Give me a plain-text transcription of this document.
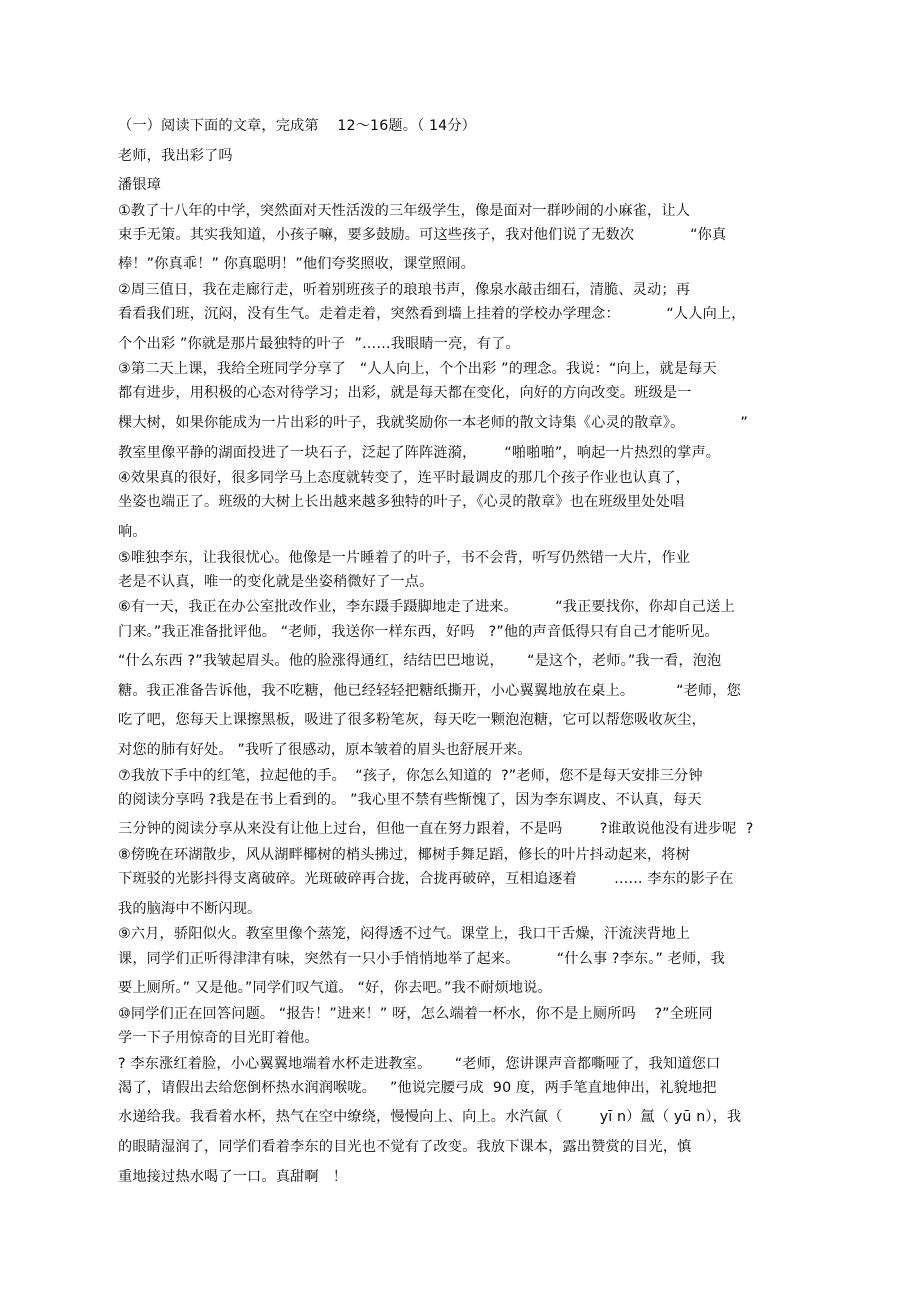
（一）阅读下面的文章，完成第    12～16题。（ 14分）
老师，我出彩了吗
潘银璋
①教了十八年的中学，突然面对天性活泼的三年级学生，像是面对一群吵闹的小麻雀，让人
束手无策。其实我知道，小孩子嘛，要多鼓励。可这些孩子，我对他们说了无数次            “你真
棒！”你真乖！” 你真聪明！”他们夸奖照收，课堂照闹。
②周三值日，我在走廊行走，听着别班孩子的琅琅书声，像泉水敲击细石，清脆、灵动；再
看看我们班，沉闷，没有生气。走着走着，突然看到墙上挂着的学校办学理念：          “人人向上，
个个出彩 ”你就是那片最独特的叶子  ”……我眼睛一亮，有了。
③第二天上课，我给全班同学分享了   “人人向上，个个出彩 ”的理念。我说：“向上，就是每天
都有进步，用积极的心态对待学习；出彩，就是每天都在变化，向好的方向改变。班级是一
棵大树，如果你能成为一片出彩的叶子，我就奖励你一本老师的散文诗集《心灵的散章》。            ”
教室里像平静的湖面投进了一块石子，泛起了阵阵涟漪，      “啪啪啪”，响起一片热烈的掌声。
④效果真的很好，很多同学马上态度就转变了，连平时最调皮的那几个孩子作业也认真了，
坐姿也端正了。班级的大树上长出越来越多独特的叶子，《心灵的散章》也在班级里处处唱
响。
⑤唯独李东，让我很忧心。他像是一片睡着了的叶子，书不会背，听写仍然错一大片，作业
老是不认真，唯一的变化就是坐姿稍微好了一点。
⑥有一天，我正在办公室批改作业，李东蹑手蹑脚地走了进来。        “我正要找你，你却自己送上
门来。”我正准备批评他。 “老师，我送你一样东西，好吗   ?”他的声音低得只有自己才能听见。
“什么东西 ?”我皱起眉头。他的脸涨得通红，结结巴巴地说，     “是这个，老师。”我一看，泡泡
糖。我正准备告诉他，我不吃糖，他已经轻轻把糖纸撕开，小心翼翼地放在桌上。         “老师，您
吃了吧，您每天上课擦黑板，吸进了很多粉笔灰，每天吃一颗泡泡糖，它可以帮您吸收灰尘，
对您的肺有好处。 ”我听了很感动，原本皱着的眉头也舒展开来。
⑦我放下手中的红笔，拉起他的手。  “孩子，你怎么知道的  ?”老师，您不是每天安排三分钟
的阅读分享吗 ?我是在书上看到的。 ”我心里不禁有些惭愧了，因为李东调皮、不认真，每天
三分钟的阅读分享从来没有让他上过台，但他一直在努力跟着，不是吗        ?谁敢说他没有进步呢  ?
⑧傍晚在环湖散步，风从湖畔椰树的梢头拂过，椰树手舞足蹈，修长的叶片抖动起来，将树
下斑驳的光影抖得支离破碎。光斑破碎再合拢，合拢再破碎，互相追逐着        …… 李东的影子在
我的脑海中不断闪现。
⑨六月，骄阳似火。教室里像个蒸笼，闷得透不过气。课堂上，我口干舌燥，汗流浃背地上
课，同学们正听得津津有味，突然有一只小手悄悄地举了起来。        “什么事 ?李东。” 老师，我
要上厕所。” 又是他。”同学们叹气道。 “好，你去吧。”我不耐烦地说。
⑩同学们正在回答问题。 “报告！”进来！” 呀，怎么端着一杯水，你不是上厕所吗    ?”全班同
学一下子用惊奇的目光盯着他。
? 李东涨红着脸，小心翼翼地端着水杯走进教室。     “老师，您讲课声音都嘶哑了，我知道您口
渴了，请假出去给您倒杯热水润润喉咙。   ”他说完腰弓成  90 度，两手笔直地伸出，礼貌地把
水递给我。我看着水杯，热气在空中缭绕，慢慢向上、向上。水汽氤（        yī n）氲（ yū n），我
的眼睛湿润了，同学们看着李东的目光也不觉有了改变。我放下课本，露出赞赏的目光，慎
重地接过热水喝了一口。真甜啊   ！
